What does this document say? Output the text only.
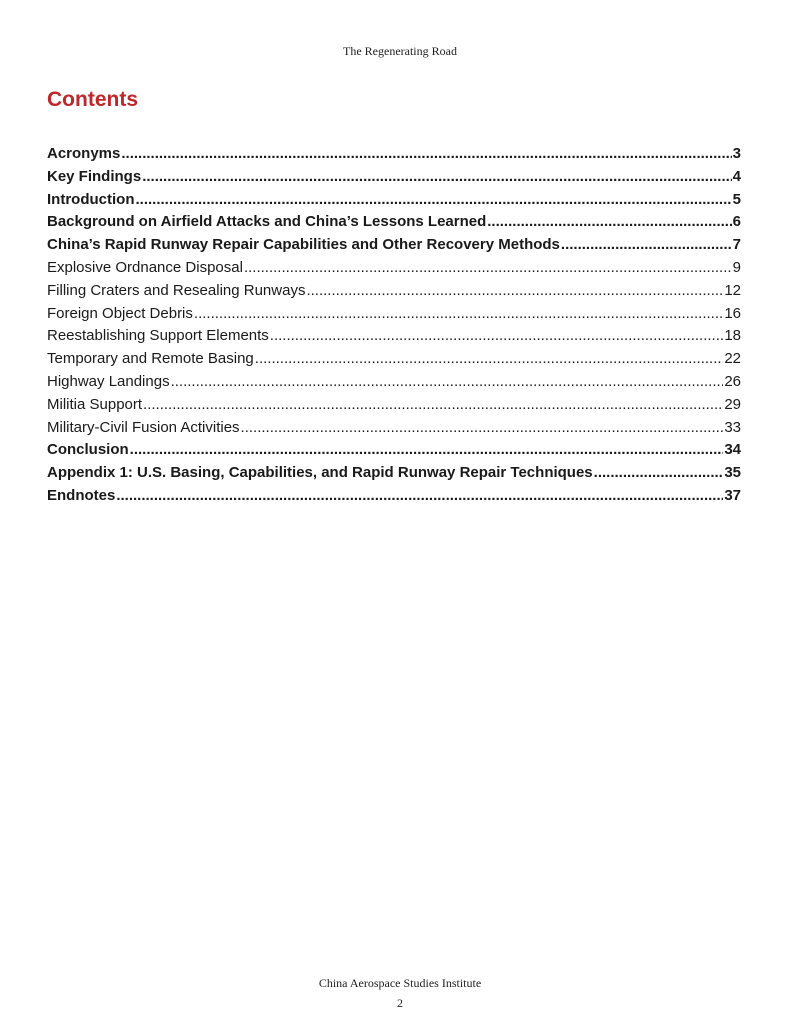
The Regenerating Road
Contents
Acronyms .....	3
Key Findings .....	4
Introduction .....	5
Background on Airfield Attacks and China’s Lessons Learned .....	6
China’s Rapid Runway Repair Capabilities and Other Recovery Methods .....	7
Explosive Ordnance Disposal .....	9
Filling Craters and Resealing Runways .....	12
Foreign Object Debris .....	16
Reestablishing Support Elements .....	18
Temporary and Remote Basing .....	22
Highway Landings .....	26
Militia Support .....	29
Military-Civil Fusion Activities .....	33
Conclusion .....	34
Appendix 1: U.S. Basing, Capabilities, and Rapid Runway Repair Techniques .....	35
Endnotes .....	37
China Aerospace Studies Institute
2
